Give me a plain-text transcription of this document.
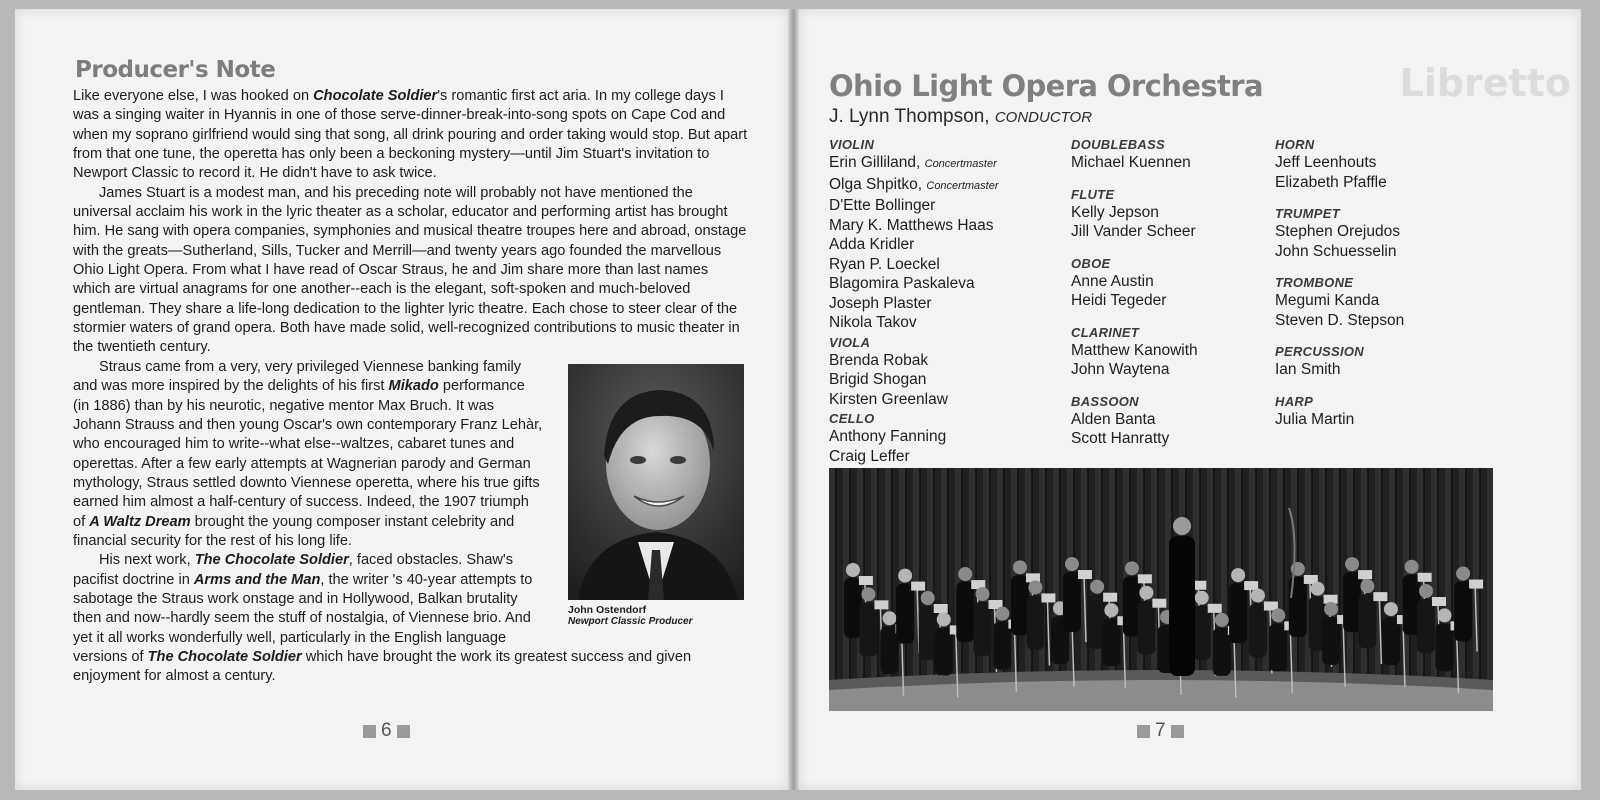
Producer's Note

Like everyone else, I was hooked on Chocolate Soldier's romantic first act aria. In my college days I was a singing waiter in Hyannis in one of those serve-dinner-break-into-song spots on Cape Cod and when my soprano girlfriend would sing that song, all drink pouring and order taking would stop. But apart from that one tune, the operetta has only been a beckoning mystery—until Jim Stuart's invitation to Newport Classic to record it. He didn't have to ask twice.

James Stuart is a modest man, and his preceding note will probably not have mentioned the universal acclaim his work in the lyric theater as a scholar, educator and performing artist has brought him. He sang with opera companies, symphonies and musical theatre troupes here and abroad, onstage with the greats—Sutherland, Sills, Tucker and Merrill—and twenty years ago founded the marvellous Ohio Light Opera. From what I have read of Oscar Straus, he and Jim share more than last names which are virtual anagrams for one another--each is the elegant, soft-spoken and much-beloved gentleman. They share a life-long dedication to the lighter lyric theatre. Each chose to steer clear of the stormier waters of grand opera. Both have made solid, well-recognized contributions to music theater in the twentieth century.

John Ostendorf
Newport Classic Producer

Straus came from a very, very privileged Viennese banking family and was more inspired by the delights of his first Mikado performance (in 1886) than by his neurotic, negative mentor Max Bruch. It was Johann Strauss and then young Oscar's own contemporary Franz Lehàr, who encouraged him to write--what else--waltzes, cabaret tunes and operettas. After a few early attempts at Wagnerian parody and German mythology, Straus settled downto Viennese operetta, where his true gifts earned him almost a half-century of success. Indeed, the 1907 triumph of A Waltz Dream brought the young composer instant celebrity and financial security for the rest of his long life.

His next work, The Chocolate Soldier, faced obstacles. Shaw's pacifist doctrine in Arms and the Man, the writer 's 40-year attempts to sabotage the Straus work onstage and in Hollywood, Balkan brutality then and now--hardly seem the stuff of nostalgia, of Viennese brio. And yet it all works wonderfully well, particularly in the English language versions of The Chocolate Soldier which have brought the work its greatest success and given enjoyment for almost a century.

6
Libretto
Ohio Light Opera Orchestra
J. Lynn Thompson, CONDUCTOR
VIOLIN
Erin Gilliland, Concertmaster
Olga Shpitko, Concertmaster
D'Ette Bollinger
Mary K. Matthews Haas
Adda Kridler
Ryan P. Loeckel
Blagomira Paskaleva
Joseph Plaster
Nikola Takov
VIOLA
Brenda Robak
Brigid Shogan
Kirsten Greenlaw
CELLO
Anthony Fanning
Craig Leffer
DOUBLEBASS
Michael Kuennen
FLUTE
Kelly Jepson
Jill Vander Scheer
OBOE
Anne Austin
Heidi Tegeder
CLARINET
Matthew Kanowith
John Waytena
BASSOON
Alden Banta
Scott Hanratty
HORN
Jeff Leenhouts
Elizabeth Pfaffle
TRUMPET
Stephen Orejudos
John Schuesselin
TROMBONE
Megumi Kanda
Steven D. Stepson
PERCUSSION
Ian Smith
HARP
Julia Martin
7
